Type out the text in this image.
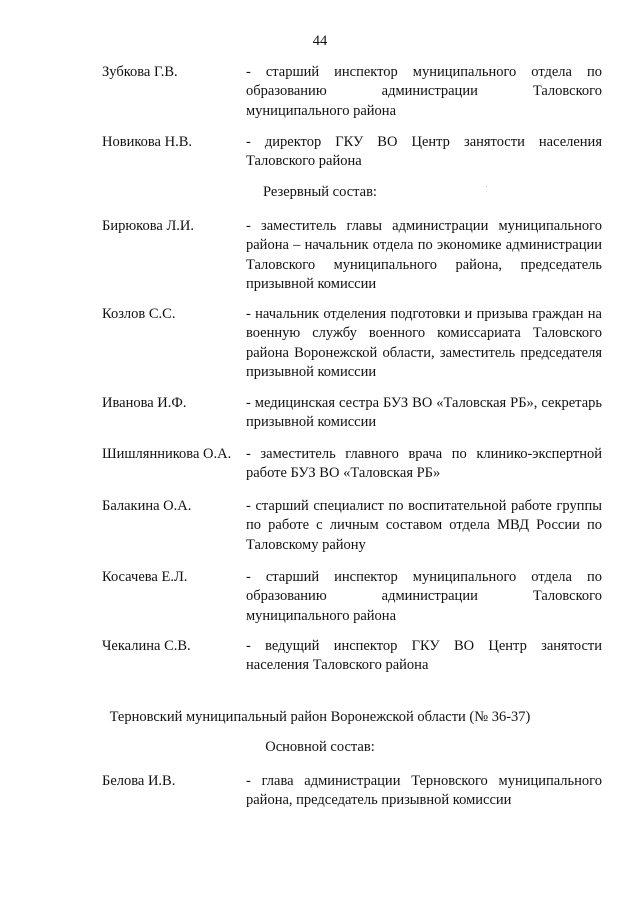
44
Зубкова Г.В.	- старший инспектор муниципального отдела по образованию администрации Таловского муниципального района
Новикова Н.В.	- директор ГКУ ВО Центр занятости населения Таловского района
Резервный состав:
Бирюкова Л.И.	- заместитель главы администрации муниципального района – начальник отдела по экономике администрации Таловского муниципального района, председатель призывной комиссии
Козлов С.С.	- начальник отделения подготовки и призыва граждан на военную службу военного комиссариата Таловского района Воронежской области, заместитель председателя призывной комиссии
Иванова И.Ф.	- медицинская сестра БУЗ ВО «Таловская РБ», секретарь призывной комиссии
Шишлянникова О.А. - заместитель главного врача по клинико-экспертной работе БУЗ ВО «Таловская РБ»
Балакина О.А.	- старший специалист по воспитательной работе группы по работе с личным составом отдела МВД России по Таловскому району
Косачева Е.Л.	- старший инспектор муниципального отдела по образованию администрации Таловского муниципального района
Чекалина С.В.	- ведущий инспектор ГКУ ВО Центр занятости населения Таловского района
Терновский муниципальный район Воронежской области (№ 36-37)
Основной состав:
Белова И.В.	- глава администрации Терновского муниципального района, председатель призывной комиссии
